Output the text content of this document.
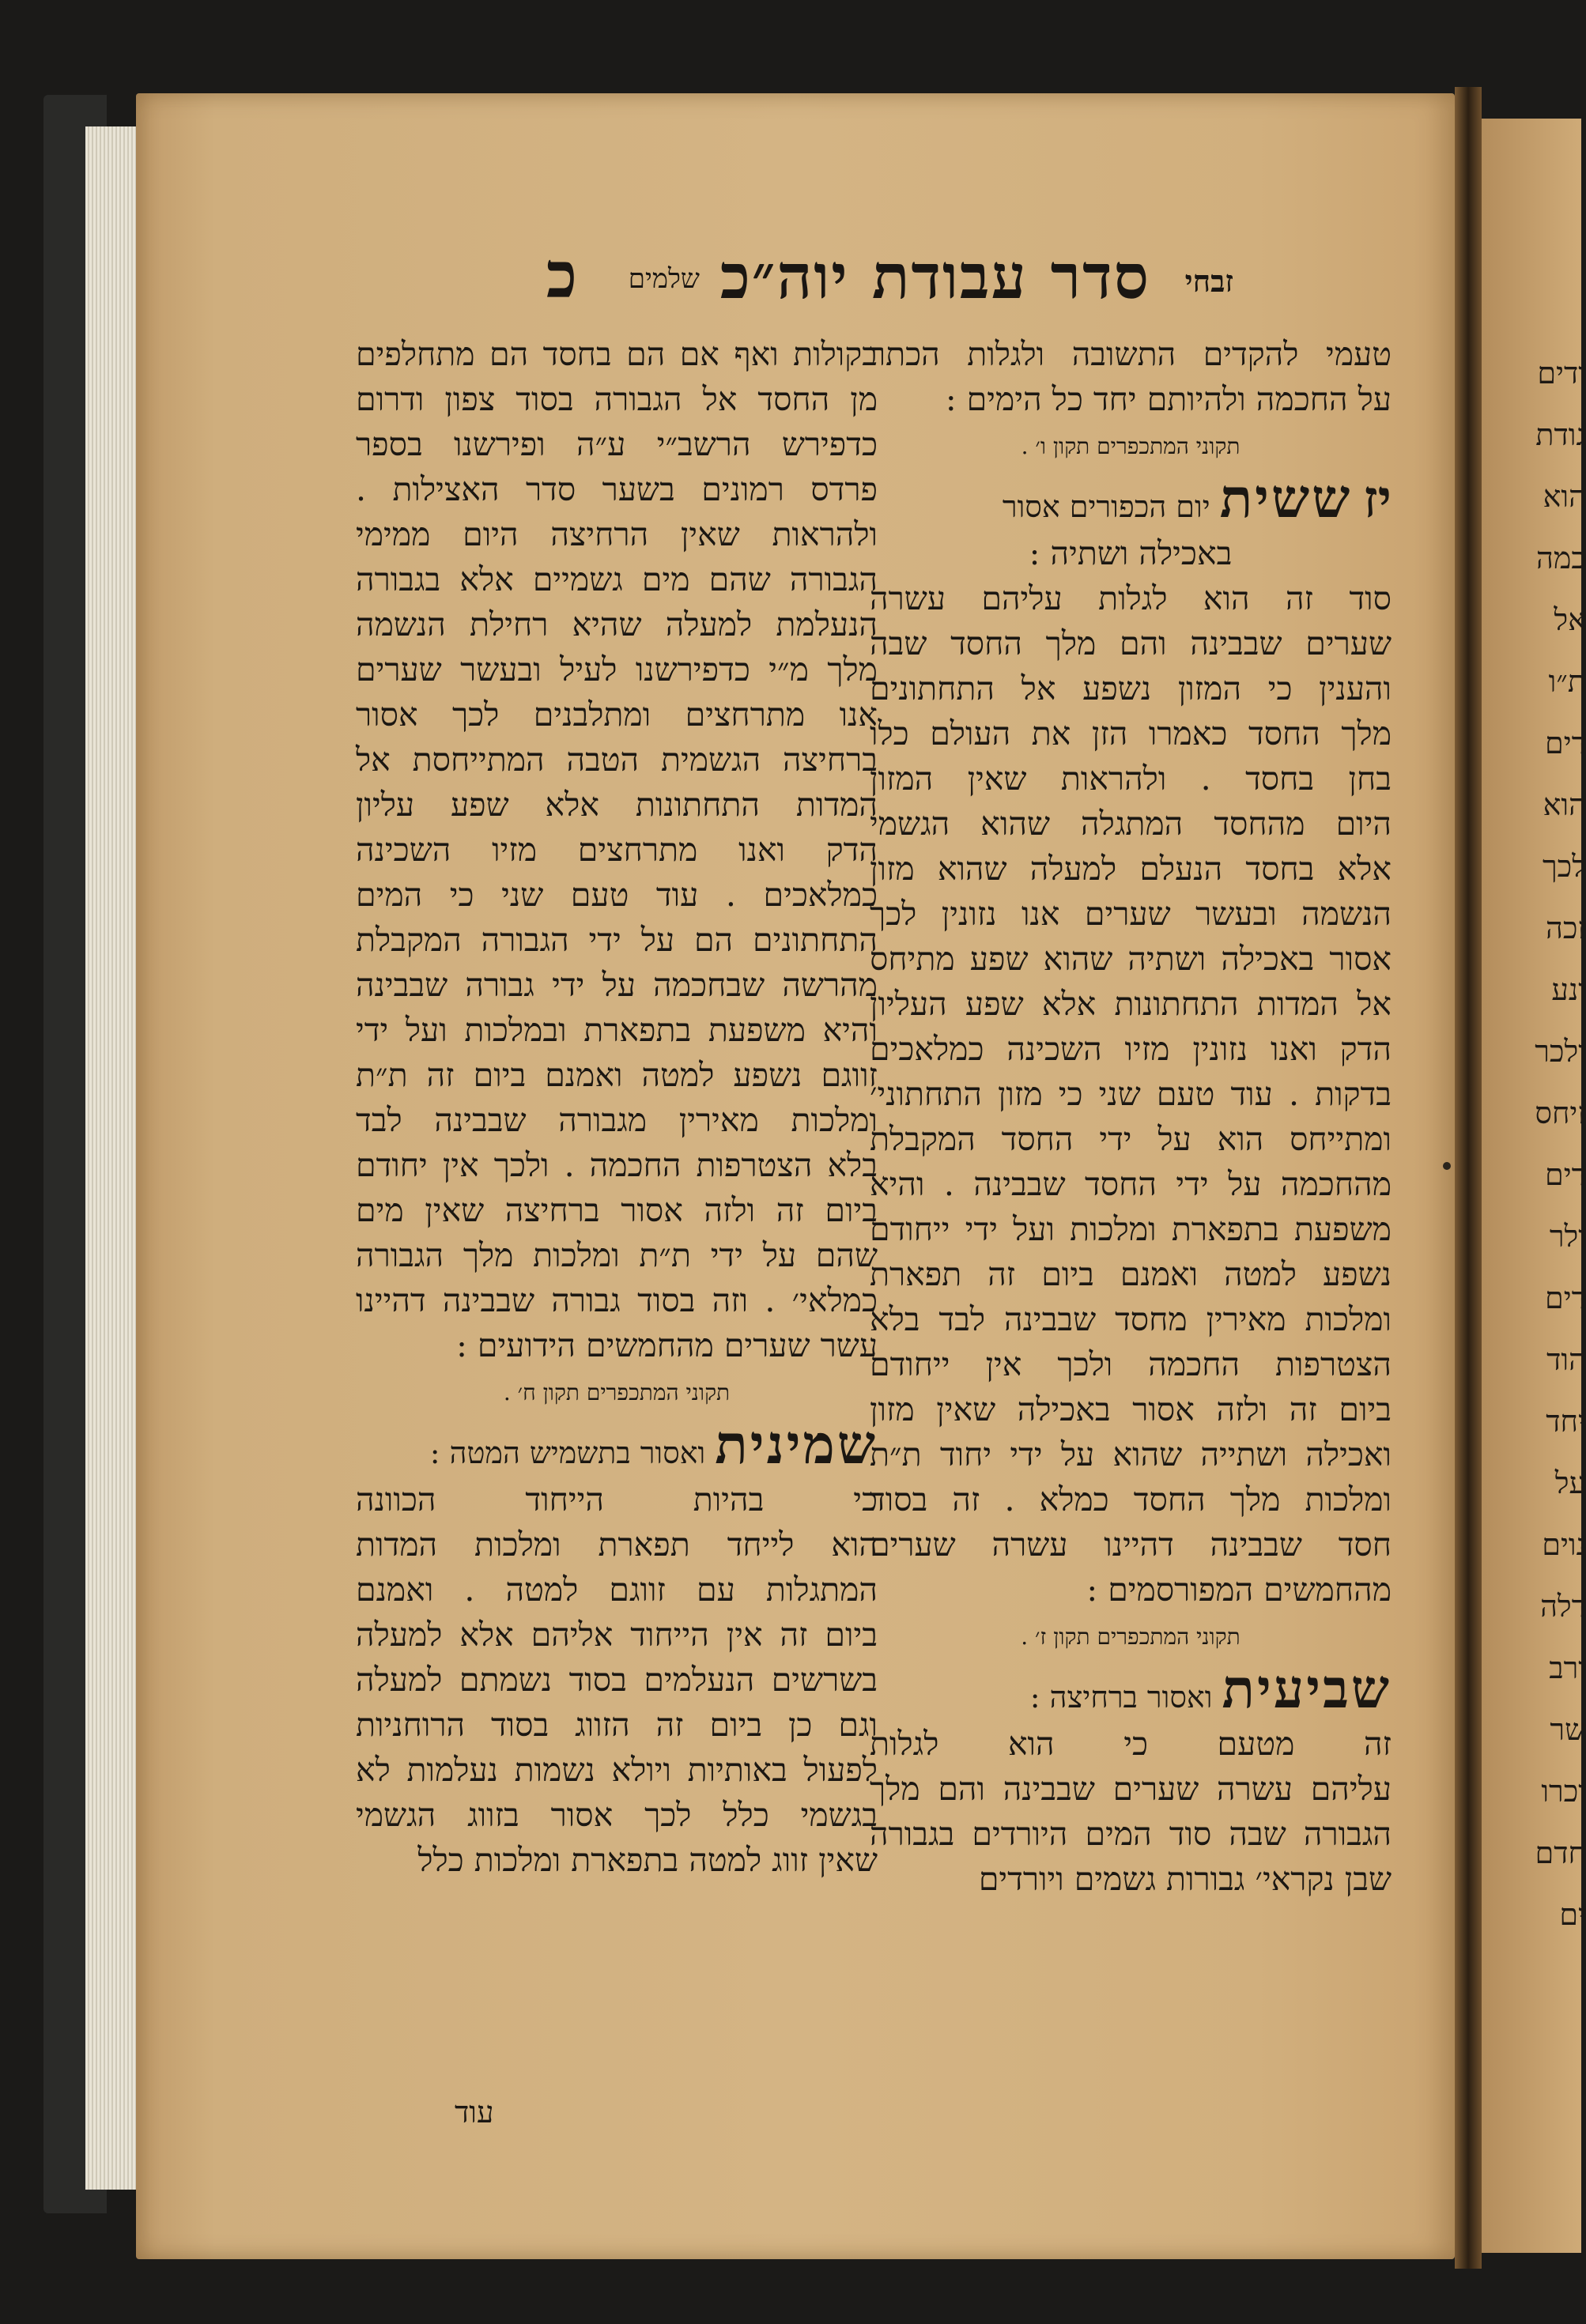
ודים
גודת
הוא
כמה
אל
ת״ו
דים
הוא
לכך
זכה
ונע
ולכר
זיחס
דים
ולר
דים
הוד
יחד
על
נוים
דלה
ורב
שר
וכרו
חדם
ים
זבחי
סדר עבודת יוה״כ
שלמים
כ
טעמי להקדים התשובה ולגלות הכתר
על החכמה ולהיותם יחד כל הימים :
תקוני המתכפרים תקון ו׳ .
יזששיתיום הכפורים אסור
באכילה ושתיה :
סוד זה הוא לגלות עליהם עשרה
שערים שבבינה והם מלך החסד שבה
והענין כי המזון נשפע אל התחתונים
מלך החסד כאמרו הזן את העולם כלו
בחן בחסד . ולהראות שאין המזון
היום מהחסד המתגלה שהוא הגשמי
אלא בחסד הנעלם למעלה שהוא מזון
הנשמה ובעשר שערים אנו נזונין לכך
אסור באכילה ושתיה שהוא שפע מתיחס
אל המדות התחתונות אלא שפע העליון
הדק ואנו נזונין מזיו השכינה כמלאכים
בדקות . עוד טעם שני כי מזון התחתוני׳
ומתייחס הוא על ידי החסד המקבלת
מהחכמה על ידי החסד שבבינה . והיא
משפעת בתפארת ומלכות ועל ידי ייחודם
נשפע למטה ואמנם ביום זה תפארת
ומלכות מאירין מחסד שבבינה לבד בלא
הצטרפות החכמה ולכך אין ייחודם
ביום זה ולזה אסור באכילה שאין מזון
ואכילה ושתייה שהוא על ידי יחוד ת״ת
ומלכות מלך החסד כמלא . זה בסוד
חסד שבבינה דהיינו עשרה שערים
מהחמשים המפורסמים :
תקוני המתכפרים תקון ז׳ .
שביעיתואסור ברחיצה :
זה מטעם כי הוא לגלות
עליהם עשרה שערים שבבינה והם מלך
הגבורה שבה סוד המים היורדים בגבורה
שבן נקראי׳ גבורות גשמים ויורדים
בקולות ואף אם הם בחסד הם מתחלפים
מן החסד אל הגבורה בסוד צפון ודרום
כדפירש הרשב״י ע״ה ופירשנו בספר
פרדס רמונים בשער סדר האצילות .
ולהראות שאין הרחיצה היום ממימי
הגבורה שהם מים גשמיים אלא בגבורה
הנעלמת למעלה שהיא רחילת הנשמה
מלך מ״י כדפירשנו לעיל ובעשר שערים
אנו מתרחצים ומתלבנים לכך אסור
ברחיצה הגשמית הטבה המתייחסת אל
המדות התחתונות אלא שפע עליון
הדק ואנו מתרחצים מזיו השכינה
כמלאכים . עוד טעם שני כי המים
התחתונים הם על ידי הגבורה המקבלת
מהרשה שבחכמה על ידי גבורה שבבינה
והיא משפעת בתפארת ובמלכות ועל ידי
זווגם נשפע למטה ואמנם ביום זה ת״ת
ומלכות מאירין מגבורה שבבינה לבד
בלא הצטרפות החכמה . ולכך אין יחודם
ביום זה ולזה אסור ברחיצה שאין מים
שהם על ידי ת״ת ומלכות מלך הגבורה
כמלאי׳ . וזה בסוד גבורה שבבינה דהיינו
עשר שערים מהחמשים הידועים :
תקוני המתכפרים תקון ח׳ .
שמיניתואסור בתשמיש המטה :
כי בהיות הייחוד הכוונה
הוא לייחד תפארת ומלכות המדות
המתגלות עם זווגם למטה . ואמנם
ביום זה אין הייחוד אליהם אלא למעלה
בשרשים הנעלמים בסוד נשמתם למעלה
וגם כן ביום זה הזווג בסוד הרוחניות
לפעול באותיות ויולא נשמות נעלמות לא
בגשמי כלל לכך אסור בזווג הגשמי
שאין זווג למטה בתפארת ומלכות כלל
עוד
